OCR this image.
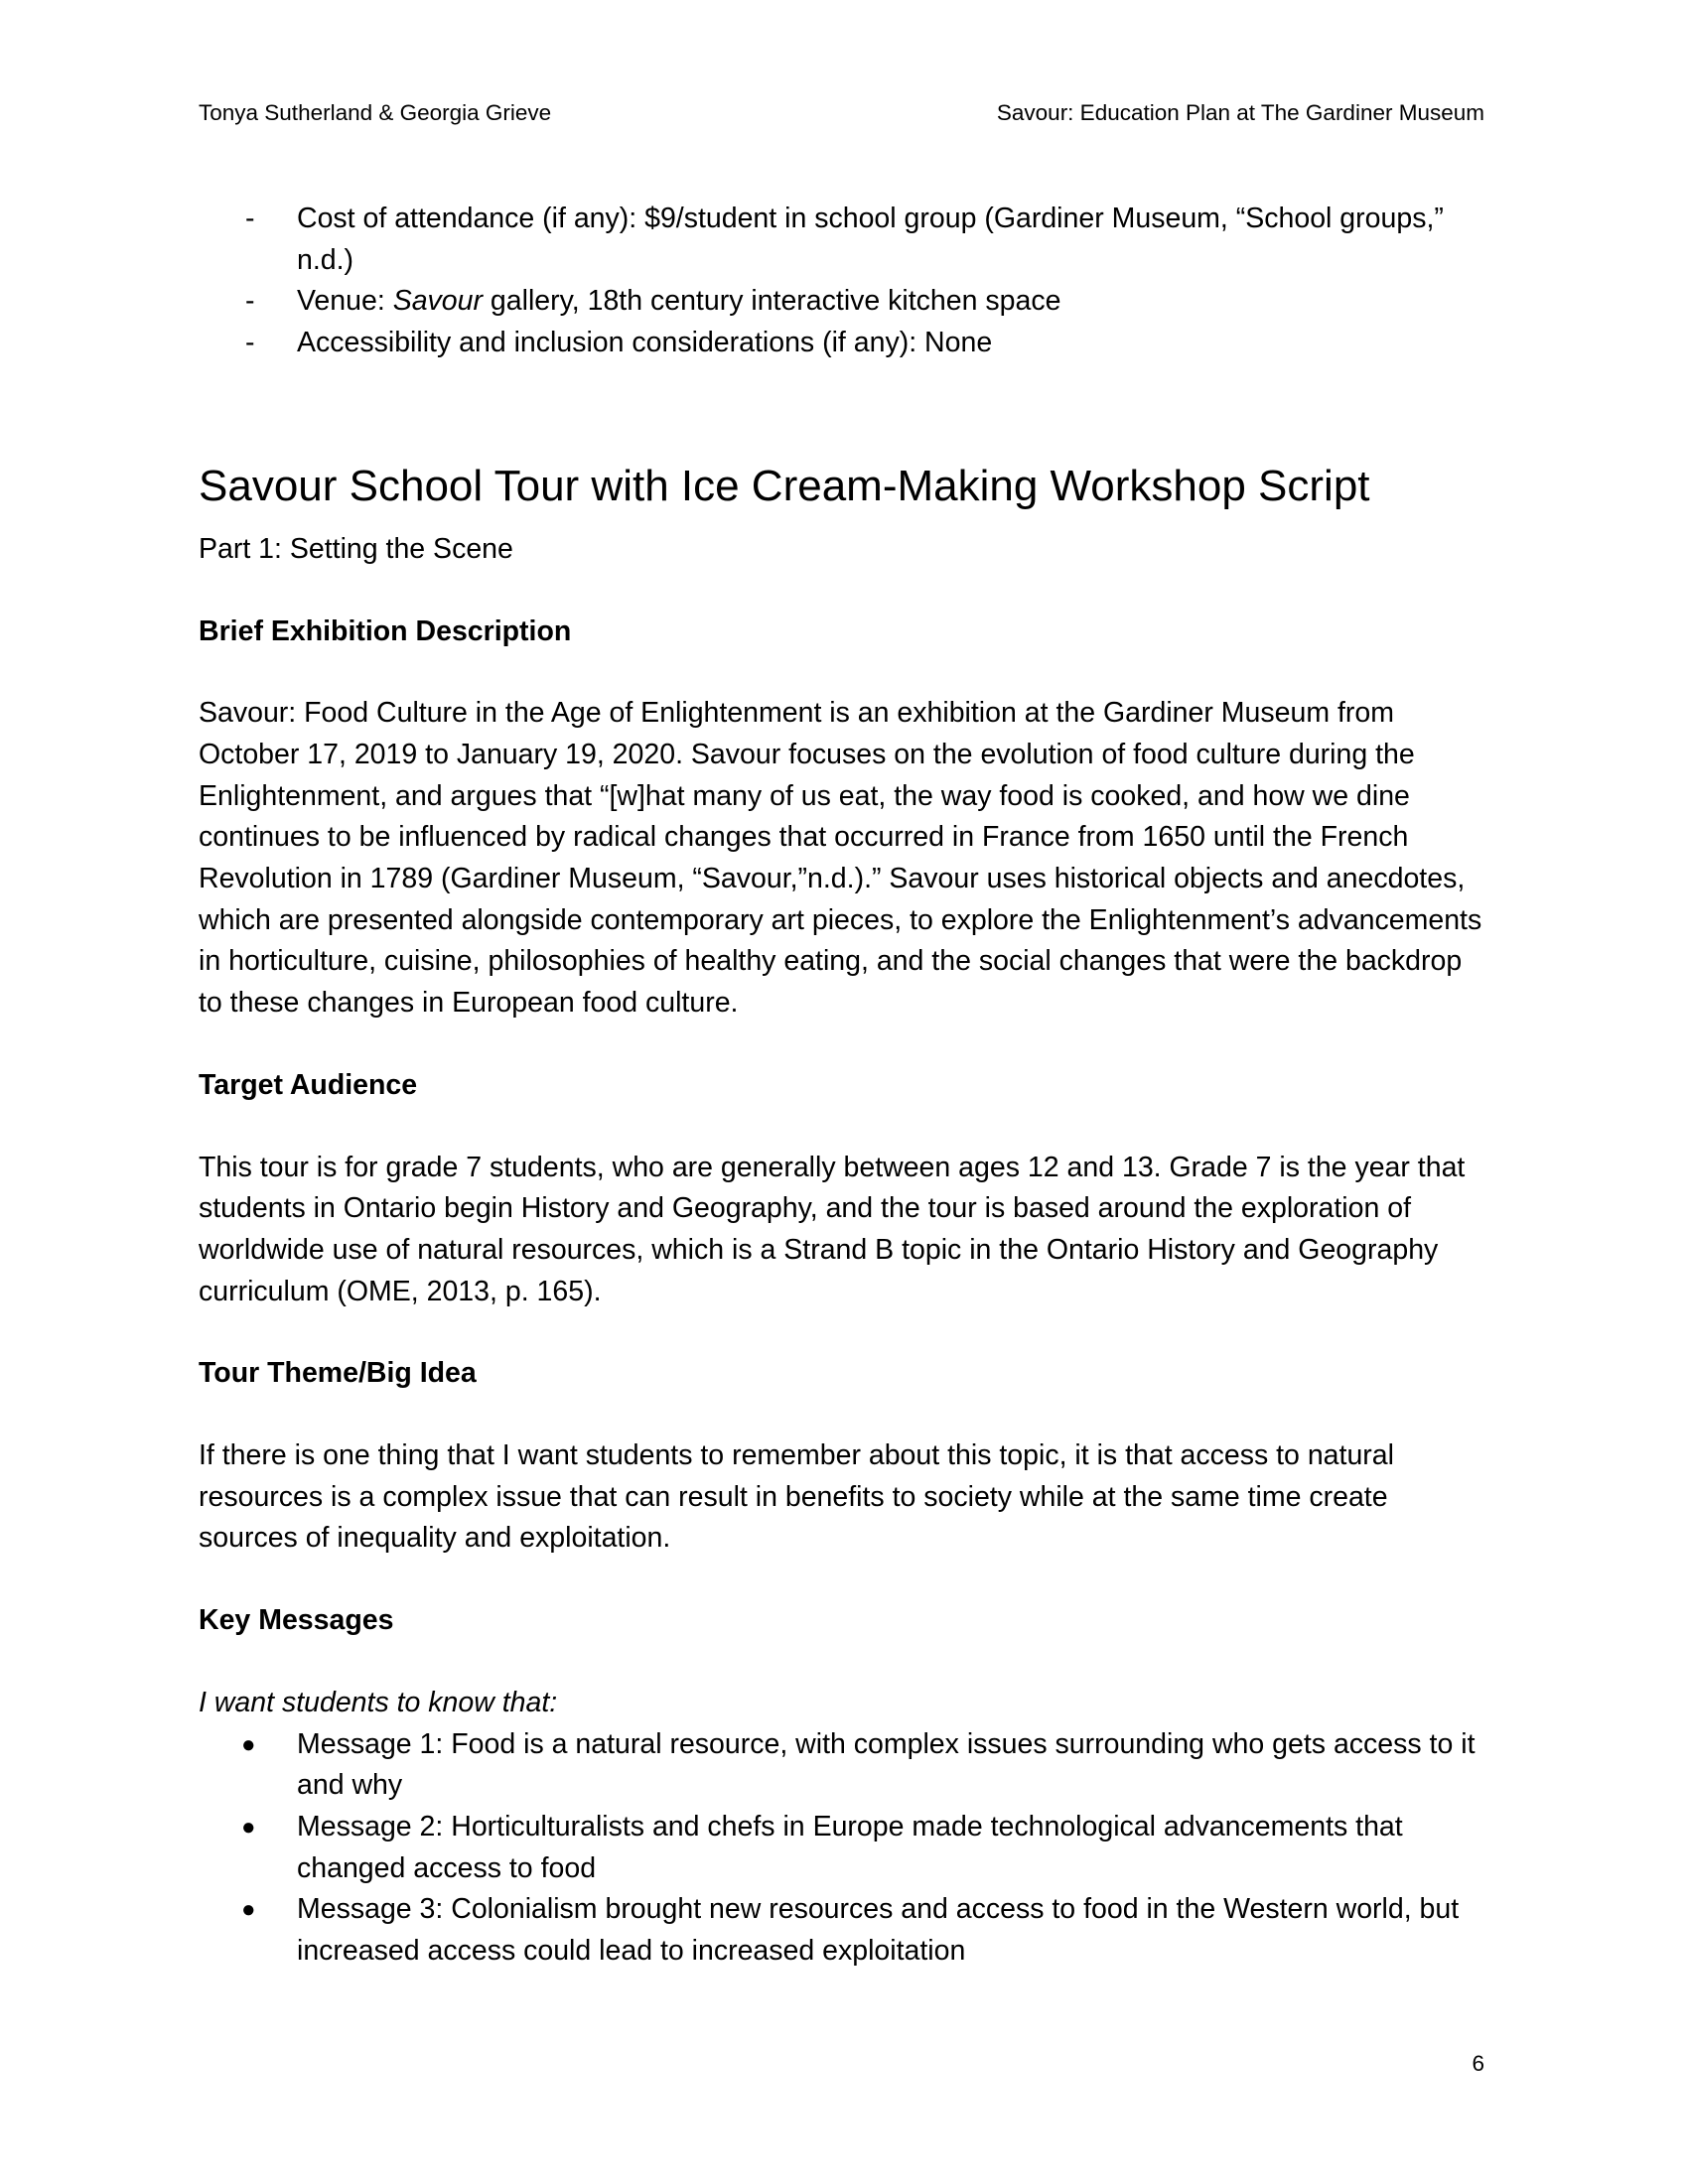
Tonya Sutherland & Georgia Grieve	Savour: Education Plan at The Gardiner Museum
- Cost of attendance (if any): $9/student in school group (Gardiner Museum, “School groups,” n.d.)
- Venue: Savour gallery, 18th century interactive kitchen space
- Accessibility and inclusion considerations (if any): None
Savour School Tour with Ice Cream-Making Workshop Script

Part 1: Setting the Scene

Brief Exhibition Description

Savour: Food Culture in the Age of Enlightenment is an exhibition at the Gardiner Museum from October 17, 2019 to January 19, 2020. Savour focuses on the evolution of food culture during the Enlightenment, and argues that “[w]hat many of us eat, the way food is cooked, and how we dine continues to be influenced by radical changes that occurred in France from 1650 until the French Revolution in 1789 (Gardiner Museum, “Savour,”n.d.).” Savour uses historical objects and anecdotes, which are presented alongside contemporary art pieces, to explore the Enlightenment’s advancements in horticulture, cuisine, philosophies of healthy eating, and the social changes that were the backdrop to these changes in European food culture.

Target Audience

This tour is for grade 7 students, who are generally between ages 12 and 13. Grade 7 is the year that students in Ontario begin History and Geography, and the tour is based around the exploration of worldwide use of natural resources, which is a Strand B topic in the Ontario History and Geography curriculum (OME, 2013, p. 165).

Tour Theme/Big Idea

If there is one thing that I want students to remember about this topic, it is that access to natural resources is a complex issue that can result in benefits to society while at the same time create sources of inequality and exploitation.

Key Messages

I want students to know that:

● Message 1: Food is a natural resource, with complex issues surrounding who gets access to it and why
● Message 2: Horticulturalists and chefs in Europe made technological advancements that changed access to food
● Message 3: Colonialism brought new resources and access to food in the Western world, but increased access could lead to increased exploitation
6
